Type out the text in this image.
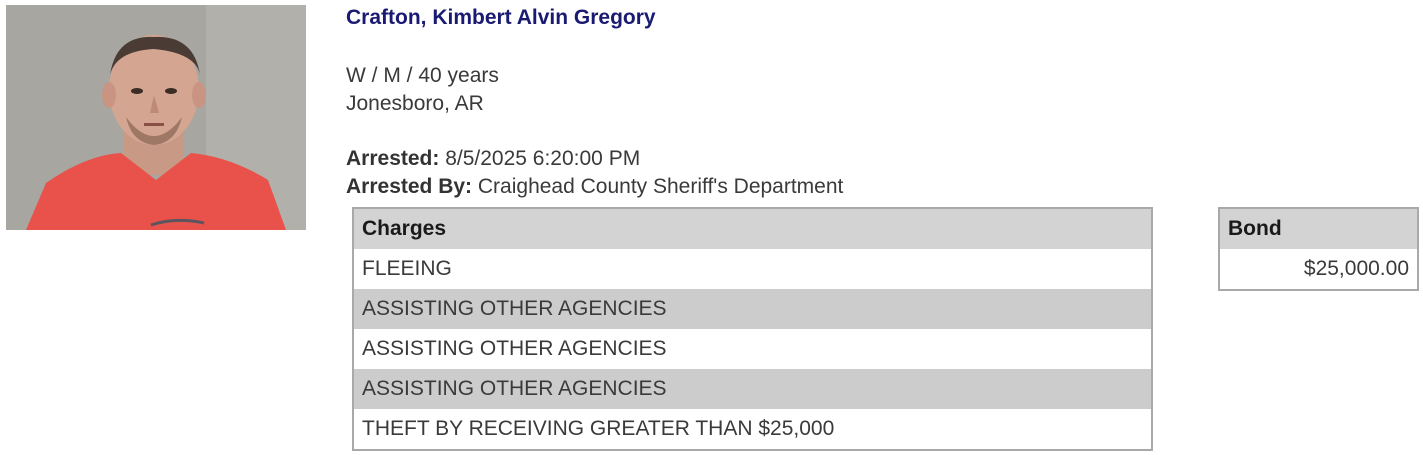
Crafton, Kimbert Alvin Gregory
W / M / 40 years
Jonesboro, AR
Arrested: 8/5/2025 6:20:00 PM
Arrested By: Craighead County Sheriff's Department
Charges
FLEEING
ASSISTING OTHER AGENCIES
ASSISTING OTHER AGENCIES
ASSISTING OTHER AGENCIES
THEFT BY RECEIVING GREATER THAN $25,000
Bond
$25,000.00
